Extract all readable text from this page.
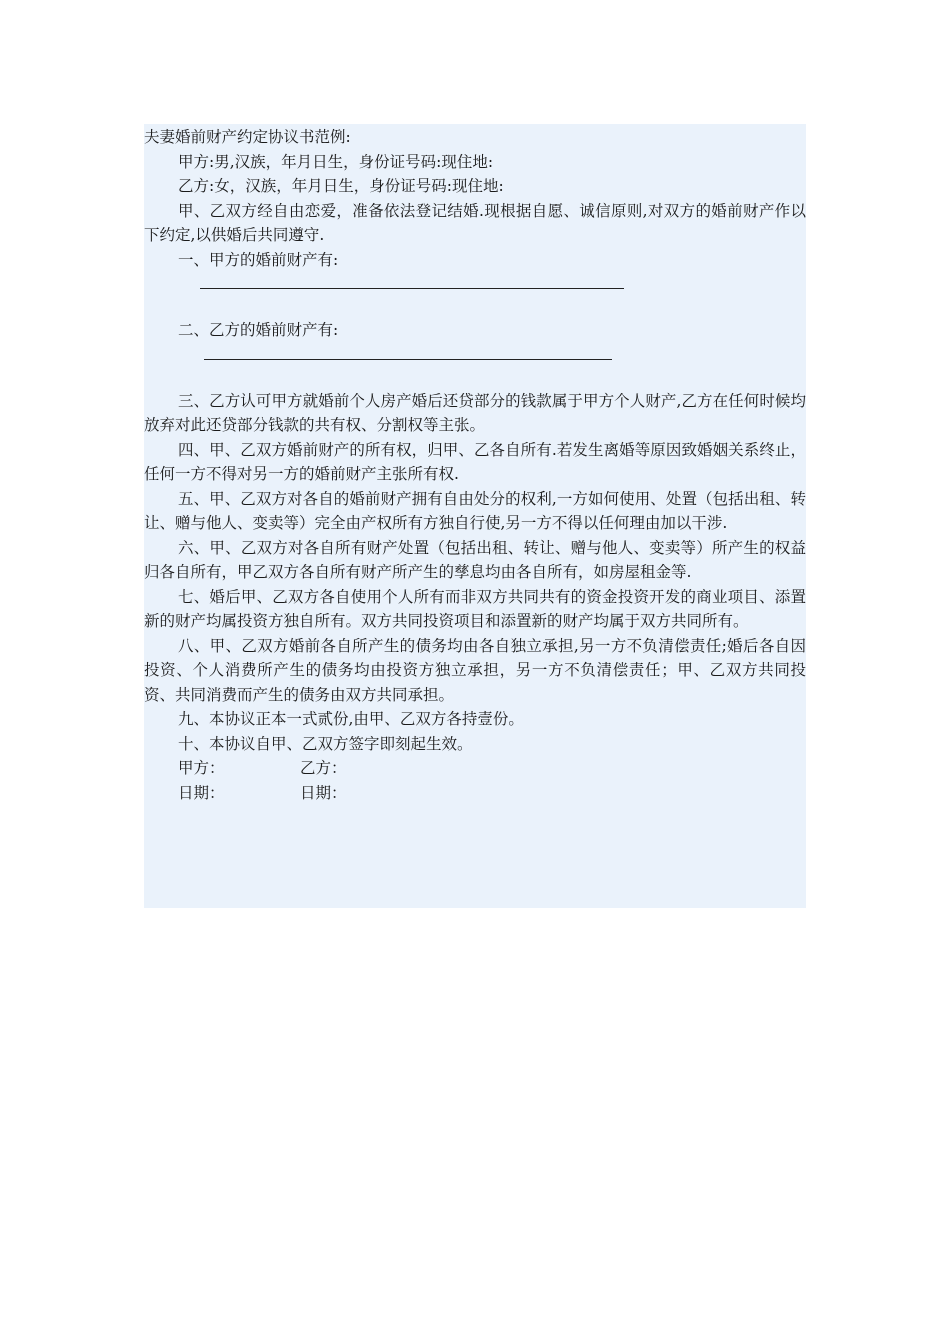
夫妻婚前财产约定协议书范例:
甲方:男,汉族，年月日生，身份证号码:现住地:
乙方:女，汉族，年月日生，身份证号码:现住地:
甲、乙双方经自由恋爱，准备依法登记结婚.现根据自愿、诚信原则,对双方的婚前财产作以下约定,以供婚后共同遵守.
一、甲方的婚前财产有:
二、乙方的婚前财产有:
三、乙方认可甲方就婚前个人房产婚后还贷部分的钱款属于甲方个人财产,乙方在任何时候均放弃对此还贷部分钱款的共有权、分割权等主张。
四、甲、乙双方婚前财产的所有权，归甲、乙各自所有.若发生离婚等原因致婚姻关系终止，任何一方不得对另一方的婚前财产主张所有权.
五、甲、乙双方对各自的婚前财产拥有自由处分的权利,一方如何使用、处置（包括出租、转让、赠与他人、变卖等）完全由产权所有方独自行使,另一方不得以任何理由加以干涉.
六、甲、乙双方对各自所有财产处置（包括出租、转让、赠与他人、变卖等）所产生的权益归各自所有，甲乙双方各自所有财产所产生的孳息均由各自所有，如房屋租金等.
七、婚后甲、乙双方各自使用个人所有而非双方共同共有的资金投资开发的商业项目、添置新的财产均属投资方独自所有。双方共同投资项目和添置新的财产均属于双方共同所有。
八、甲、乙双方婚前各自所产生的债务均由各自独立承担,另一方不负清偿责任;婚后各自因投资、个人消费所产生的债务均由投资方独立承担，另一方不负清偿责任；甲、乙双方共同投资、共同消费而产生的债务由双方共同承担。
九、本协议正本一式贰份,由甲、乙双方各持壹份。
十、本协议自甲、乙双方签字即刻起生效。
甲方：	乙方：
日期：	日期：
